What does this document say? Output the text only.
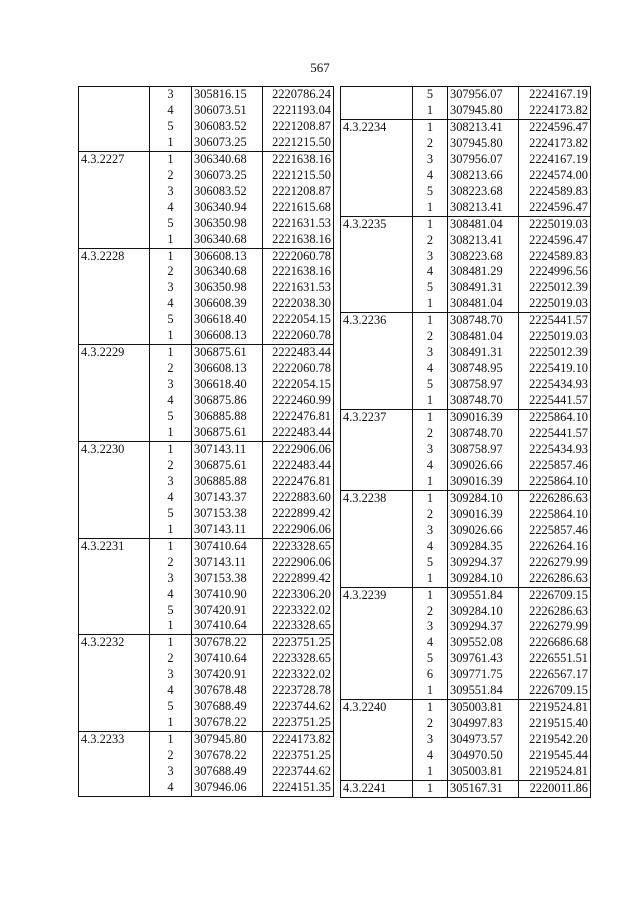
567
	3	305816.15	2220786.24
	4	306073.51	2221193.04
	5	306083.52	2221208.87
	1	306073.25	2221215.50
4.3.2227	1	306340.68	2221638.16
	2	306073.25	2221215.50
	3	306083.52	2221208.87
	4	306340.94	2221615.68
	5	306350.98	2221631.53
	1	306340.68	2221638.16
4.3.2228	1	306608.13	2222060.78
	2	306340.68	2221638.16
	3	306350.98	2221631.53
	4	306608.39	2222038.30
	5	306618.40	2222054.15
	1	306608.13	2222060.78
4.3.2229	1	306875.61	2222483.44
	2	306608.13	2222060.78
	3	306618.40	2222054.15
	4	306875.86	2222460.99
	5	306885.88	2222476.81
	1	306875.61	2222483.44
4.3.2230	1	307143.11	2222906.06
	2	306875.61	2222483.44
	3	306885.88	2222476.81
	4	307143.37	2222883.60
	5	307153.38	2222899.42
	1	307143.11	2222906.06
4.3.2231	1	307410.64	2223328.65
	2	307143.11	2222906.06
	3	307153.38	2222899.42
	4	307410.90	2223306.20
	5	307420.91	2223322.02
	1	307410.64	2223328.65
4.3.2232	1	307678.22	2223751.25
	2	307410.64	2223328.65
	3	307420.91	2223322.02
	4	307678.48	2223728.78
	5	307688.49	2223744.62
	1	307678.22	2223751.25
4.3.2233	1	307945.80	2224173.82
	2	307678.22	2223751.25
	3	307688.49	2223744.62
	4	307946.06	2224151.35
	5	307956.07	2224167.19
	1	307945.80	2224173.82
4.3.2234	1	308213.41	2224596.47
	2	307945.80	2224173.82
	3	307956.07	2224167.19
	4	308213.66	2224574.00
	5	308223.68	2224589.83
	1	308213.41	2224596.47
4.3.2235	1	308481.04	2225019.03
	2	308213.41	2224596.47
	3	308223.68	2224589.83
	4	308481.29	2224996.56
	5	308491.31	2225012.39
	1	308481.04	2225019.03
4.3.2236	1	308748.70	2225441.57
	2	308481.04	2225019.03
	3	308491.31	2225012.39
	4	308748.95	2225419.10
	5	308758.97	2225434.93
	1	308748.70	2225441.57
4.3.2237	1	309016.39	2225864.10
	2	308748.70	2225441.57
	3	308758.97	2225434.93
	4	309026.66	2225857.46
	1	309016.39	2225864.10
4.3.2238	1	309284.10	2226286.63
	2	309016.39	2225864.10
	3	309026.66	2225857.46
	4	309284.35	2226264.16
	5	309294.37	2226279.99
	1	309284.10	2226286.63
4.3.2239	1	309551.84	2226709.15
	2	309284.10	2226286.63
	3	309294.37	2226279.99
	4	309552.08	2226686.68
	5	309761.43	2226551.51
	6	309771.75	2226567.17
	1	309551.84	2226709.15
4.3.2240	1	305003.81	2219524.81
	2	304997.83	2219515.40
	3	304973.57	2219542.20
	4	304970.50	2219545.44
	1	305003.81	2219524.81
4.3.2241	1	305167.31	2220011.86
